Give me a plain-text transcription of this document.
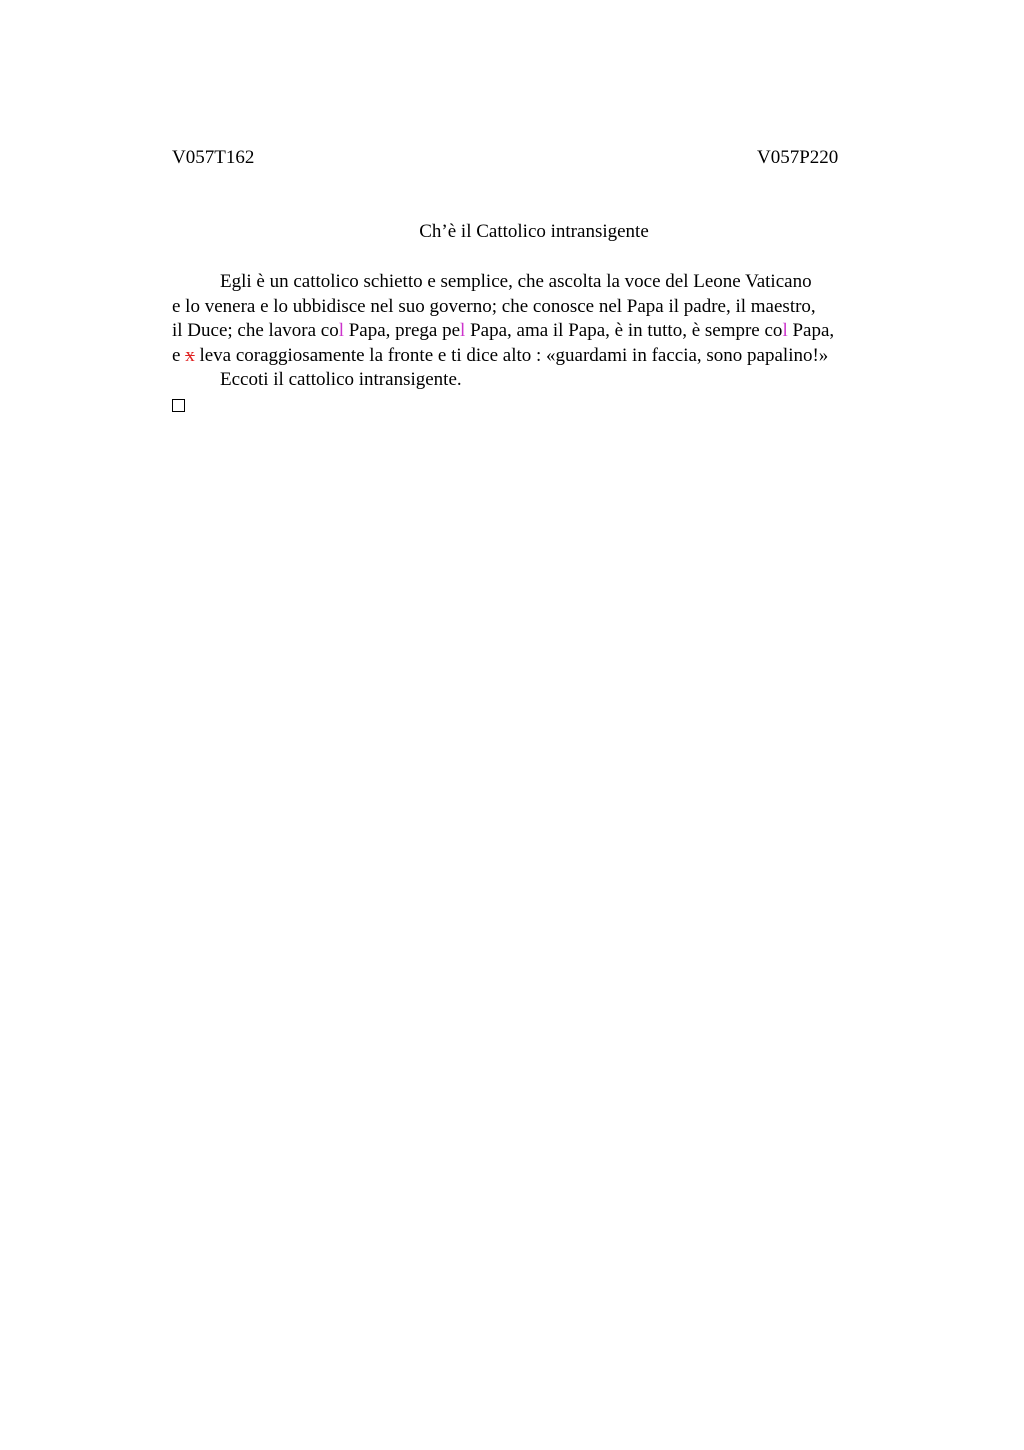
V057T162	V057P220
Ch’è il Cattolico intransigente
Egli è un cattolico schietto e semplice, che ascolta la voce del Leone Vaticano
e lo venera e lo ubbidisce nel suo governo; che conosce nel Papa il padre, il maestro,
il Duce; che lavora col Papa, prega pel Papa, ama il Papa, è in tutto, è sempre col Papa,
e x leva coraggiosamente la fronte e ti dice alto : «guardami in faccia, sono papalino!»
Eccoti il cattolico intransigente.
